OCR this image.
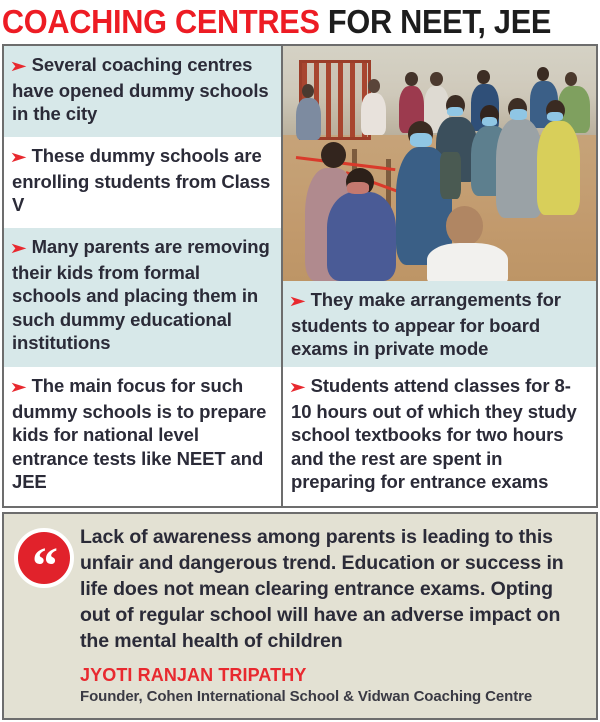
COACHING CENTRES FOR NEET, JEE
➤ Several coaching centres have opened dummy schools in the city
➤ These dummy schools are enrolling students from Class V
➤ Many parents are removing their kids from formal schools and placing them in such dummy educational institutions
➤ The main focus for such dummy schools is to prepare kids for national level entrance tests like NEET and JEE
➤ They make arrangements for students to appear for board exams in private mode
➤ Students attend classes for 8-10 hours out of which they study school textbooks for two hours and the rest are spent in preparing for entrance exams
“
Lack of awareness among parents is leading to this unfair and dangerous trend. Education or success in life does not mean clearing entrance exams. Opting out of regular school will have an adverse impact on the mental health of children
JYOTI RANJAN TRIPATHY
Founder, Cohen International School & Vidwan Coaching Centre
